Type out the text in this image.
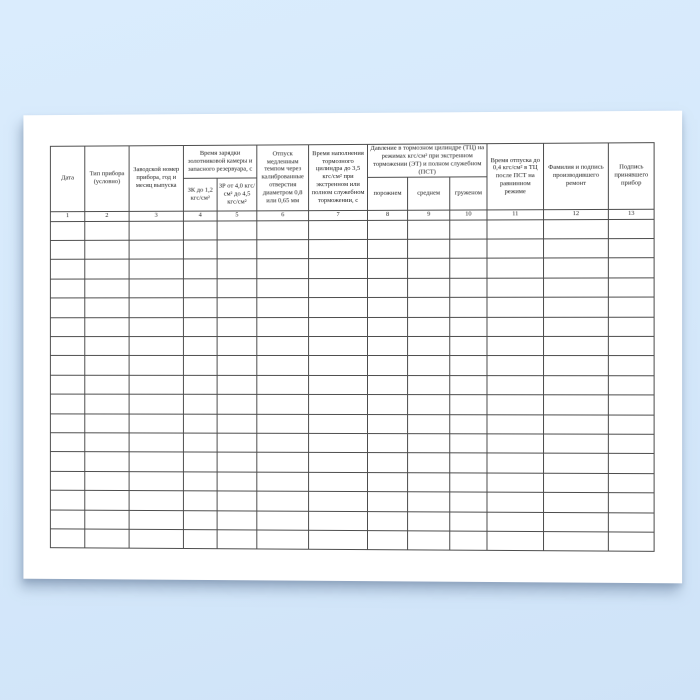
Дата	Тип прибора (условно)	Заводской номер прибора, год и месяц выпуска	Время зарядки золотниковой камеры и запасного резервуара, с		Отпуск медленным темпом через калиброванные отверстия диаметром 0,8 или 0,65 мм	Время наполнения тормозного цилиндра до 3,5 кгс/см² при экстренном или полном служебном торможении, с	Давление в тормозном цилиндре (ТЦ) на режимах кгс/см² при экстренном торможении (ЭТ) и полном служебном (ПСТ)			Время отпуска до 0,4 кгс/см² в ТЦ после ПСТ на равнинном режиме	Фамилия и подпись производившего ремонт	Подпись принявшего прибор
			ЗК до 1,2 кгс/см²	ЗР от 4,0 кгс/см² до 4,5 кгс/см²			порожнем	среднем	груженом			
1	2	3	4	5	6	7	8	9	10	11	12	13
